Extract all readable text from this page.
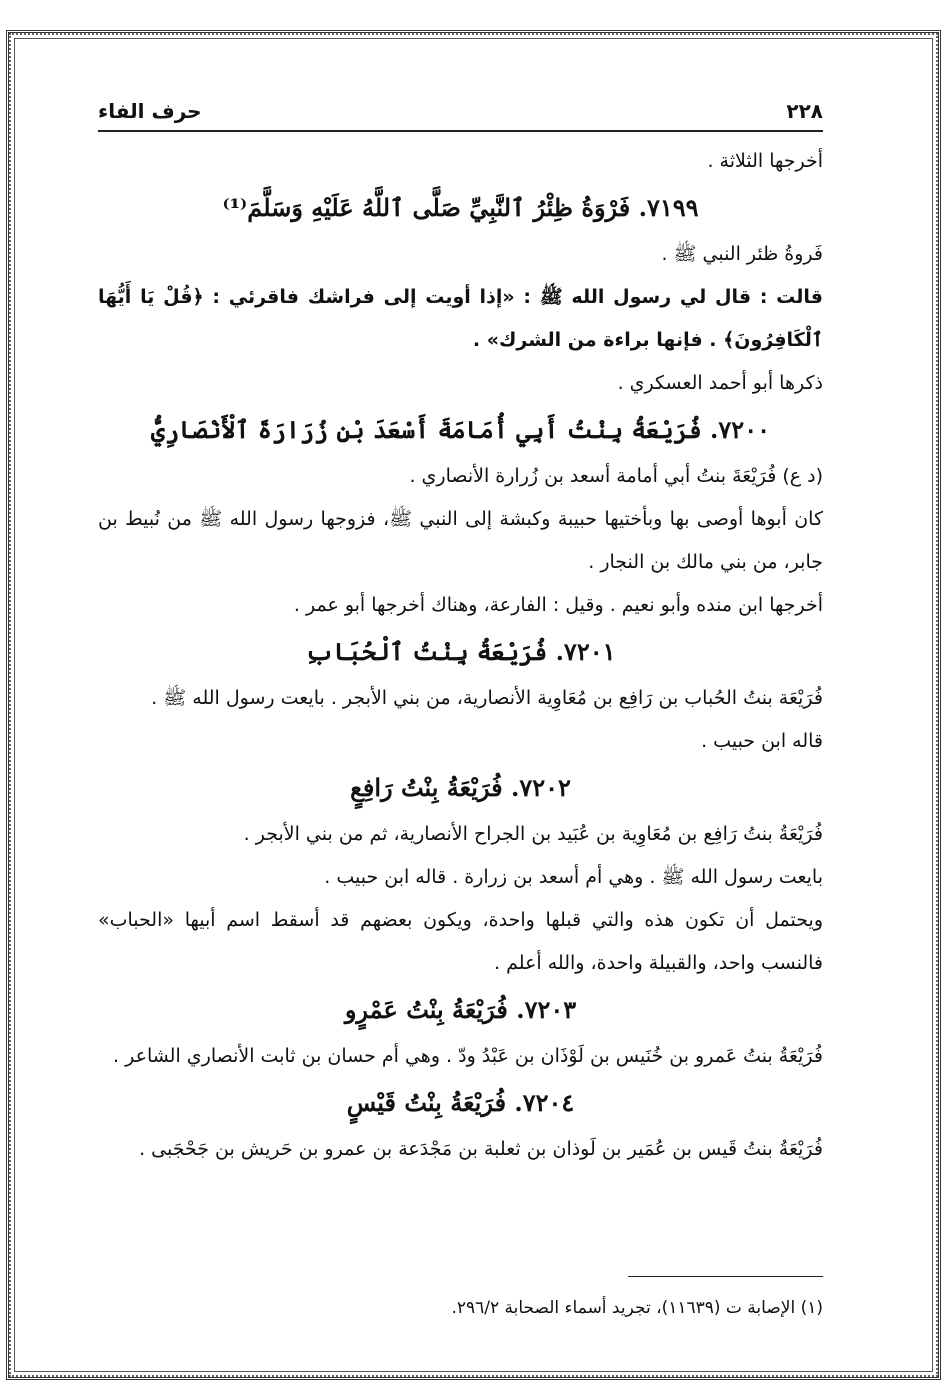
حرف الفاء	٢٢٨

أخرجها الثلاثة .

٧١٩٩. فَرْوَةُ ظِئْرُ ٱلنَّبِيِّ صَلَّى ٱللَّهُ عَلَيْهِ وَسَلَّمَ⁽¹⁾

فَروةُ ظئر النبي ﷺ .

قالت : قال لي رسول الله ﷺ : «إذا أويت إلى فراشك فاقرئي : ﴿قُلْ يَا أَيُّهَا ٱلْكَافِرُونَ﴾ . فإنها براءة من الشرك» .

ذكرها أبو أحمد العسكري .

٧٢٠٠. فُرَيْعَةُ بِنْتُ أَبِي أُمَامَةَ أَسْعَدَ بْنِ زُرَارَةَ ٱلْأَنْصَارِيُّ

(د ع) فُرَيْعَةَ بنتُ أبي أمامة أسعد بن زُرارة الأنصاري .

كان أبوها أوصى بها وبأختيها حبيبة وكبشة إلى النبي ﷺ، فزوجها رسول الله ﷺ من نُبيط بن جابر، من بني مالك بن النجار .

أخرجها ابن منده وأبو نعيم . وقيل : الفارعة، وهناك أخرجها أبو عمر .

٧٢٠١. فُرَيْعَةُ بِنْتُ ٱلْحُبَابِ

فُرَيْعَة بنتُ الحُباب بن رَافِع بن مُعَاوِية الأنصارية، من بني الأبجر . بايعت رسول الله ﷺ .

قاله ابن حبيب .

٧٢٠٢. فُرَيْعَةُ بِنْتُ رَافِعٍ

فُرَيْعَةُ بنتُ رَافِع بن مُعَاوِية بن عُبَيد بن الجراح الأنصارية، ثم من بني الأبجر .

بايعت رسول الله ﷺ . وهي أم أسعد بن زرارة . قاله ابن حبيب .

ويحتمل أن تكون هذه والتي قبلها واحدة، ويكون بعضهم قد أسقط اسم أبيها «الحباب» فالنسب واحد، والقبيلة واحدة، والله أعلم .

٧٢٠٣. فُرَيْعَةُ بِنْتُ عَمْرٍو

فُرَيْعَةُ بنتُ عَمرو بن خُنَيس بن لَوْذَان بن عَبْدُ ودّ . وهي أم حسان بن ثابت الأنصاري الشاعر .

٧٢٠٤. فُرَيْعَةُ بِنْتُ قَيْسٍ

فُرَيْعَةُ بنتُ قَيس بن عُمَير بن لَوذان بن ثعلبة بن مَجْدَعة بن عمرو بن حَريش بن جَحْجَبى .

(١) الإصابة ت (١١٦٣٩)، تجريد أسماء الصحابة ٢٩٦/٢.
